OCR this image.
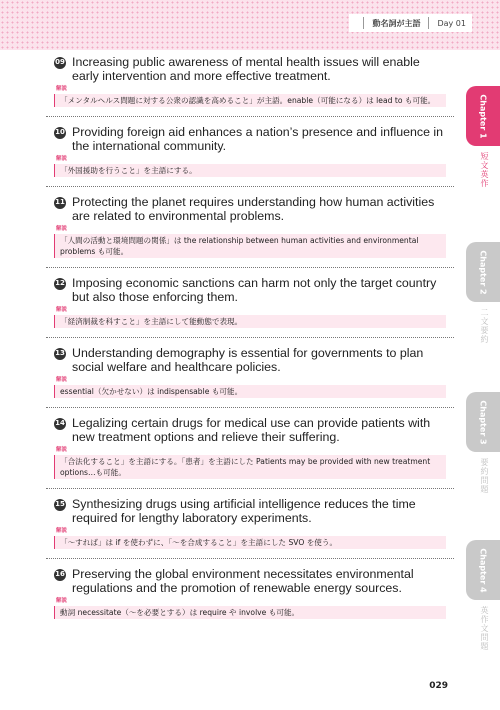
動名詞が主語 Day 01
09 Increasing public awareness of mental health issues will enable early intervention and more effective treatment.
解説
「メンタルヘルス問題に対する公衆の認識を高めること」が主語。enable（可能になる）は lead to も可能。
10 Providing foreign aid enhances a nation’s presence and influence in the international community.
解説
「外国援助を行うこと」を主語にする。
11 Protecting the planet requires understanding how human activities are related to environmental problems.
解説
「人間の活動と環境問題の関係」は the relationship between human activities and environmental problems も可能。
12 Imposing economic sanctions can harm not only the target country but also those enforcing them.
解説
「経済制裁を科すこと」を主語にして能動態で表現。
13 Understanding demography is essential for governments to plan social welfare and healthcare policies.
解説
essential（欠かせない）は indispensable も可能。
14 Legalizing certain drugs for medical use can provide patients with new treatment options and relieve their suffering.
解説
「合法化すること」を主語にする。「患者」を主語にした Patients may be provided with new treatment options…も可能。
15 Synthesizing drugs using artificial intelligence reduces the time required for lengthy laboratory experiments.
解説
「～すれば」は if を使わずに、「～を合成すること」を主語にした SVO を使う。
16 Preserving the global environment necessitates environmental regulations and the promotion of renewable energy sources.
解説
動詞 necessitate（～を必要とする）は require や involve も可能。
Chapter 1
短文英作
Chapter 2
二文要約
Chapter 3
要約問題
Chapter 4
英作文問題
029
